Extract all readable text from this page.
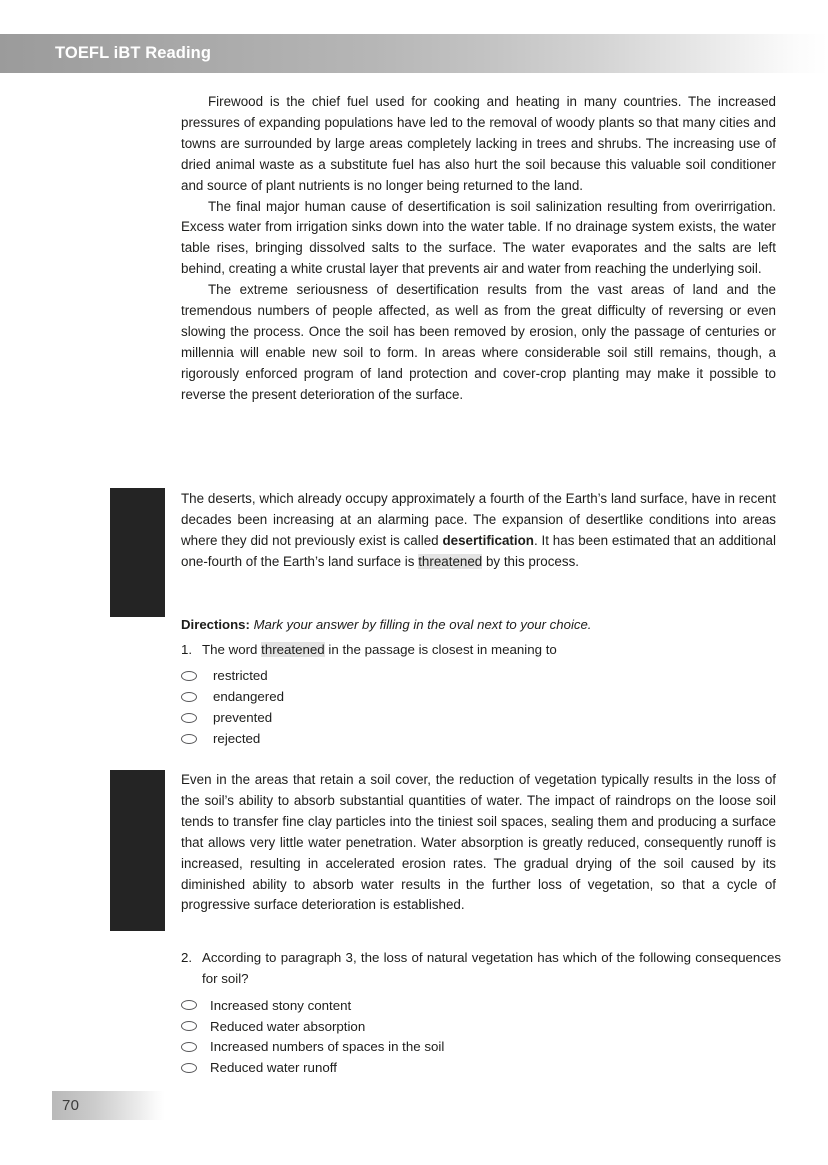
TOEFL iBT Reading

Firewood is the chief fuel used for cooking and heating in many countries. The increased pressures of expanding populations have led to the removal of woody plants so that many cities and towns are surrounded by large areas completely lacking in trees and shrubs. The increasing use of dried animal waste as a substitute fuel has also hurt the soil because this valuable soil conditioner and source of plant nutrients is no longer being returned to the land.

The final major human cause of desertification is soil salinization resulting from overirrigation. Excess water from irrigation sinks down into the water table. If no drainage system exists, the water table rises, bringing dissolved salts to the surface. The water evaporates and the salts are left behind, creating a white crustal layer that prevents air and water from reaching the underlying soil.

The extreme seriousness of desertification results from the vast areas of land and the tremendous numbers of people affected, as well as from the great difficulty of reversing or even slowing the process. Once the soil has been removed by erosion, only the passage of centuries or millennia will enable new soil to form. In areas where considerable soil still remains, though, a rigorously enforced program of land protection and cover-crop planting may make it possible to reverse the present deterioration of the surface.

The deserts, which already occupy approximately a fourth of the Earth’s land surface, have in recent decades been increasing at an alarming pace. The expansion of desertlike conditions into areas where they did not previously exist is called desertification. It has been estimated that an additional one-fourth of the Earth’s land surface is threatened by this process.

Directions: Mark your answer by filling in the oval next to your choice.
1. The word threatened in the passage is closest in meaning to
restricted
endangered
prevented
rejected

Even in the areas that retain a soil cover, the reduction of vegetation typically results in the loss of the soil’s ability to absorb substantial quantities of water. The impact of raindrops on the loose soil tends to transfer fine clay particles into the tiniest soil spaces, sealing them and producing a surface that allows very little water penetration. Water absorption is greatly reduced, consequently runoff is increased, resulting in accelerated erosion rates. The gradual drying of the soil caused by its diminished ability to absorb water results in the further loss of vegetation, so that a cycle of progressive surface deterioration is established.

2. According to paragraph 3, the loss of natural vegetation has which of the following consequences for soil?
Increased stony content
Reduced water absorption
Increased numbers of spaces in the soil
Reduced water runoff
70
